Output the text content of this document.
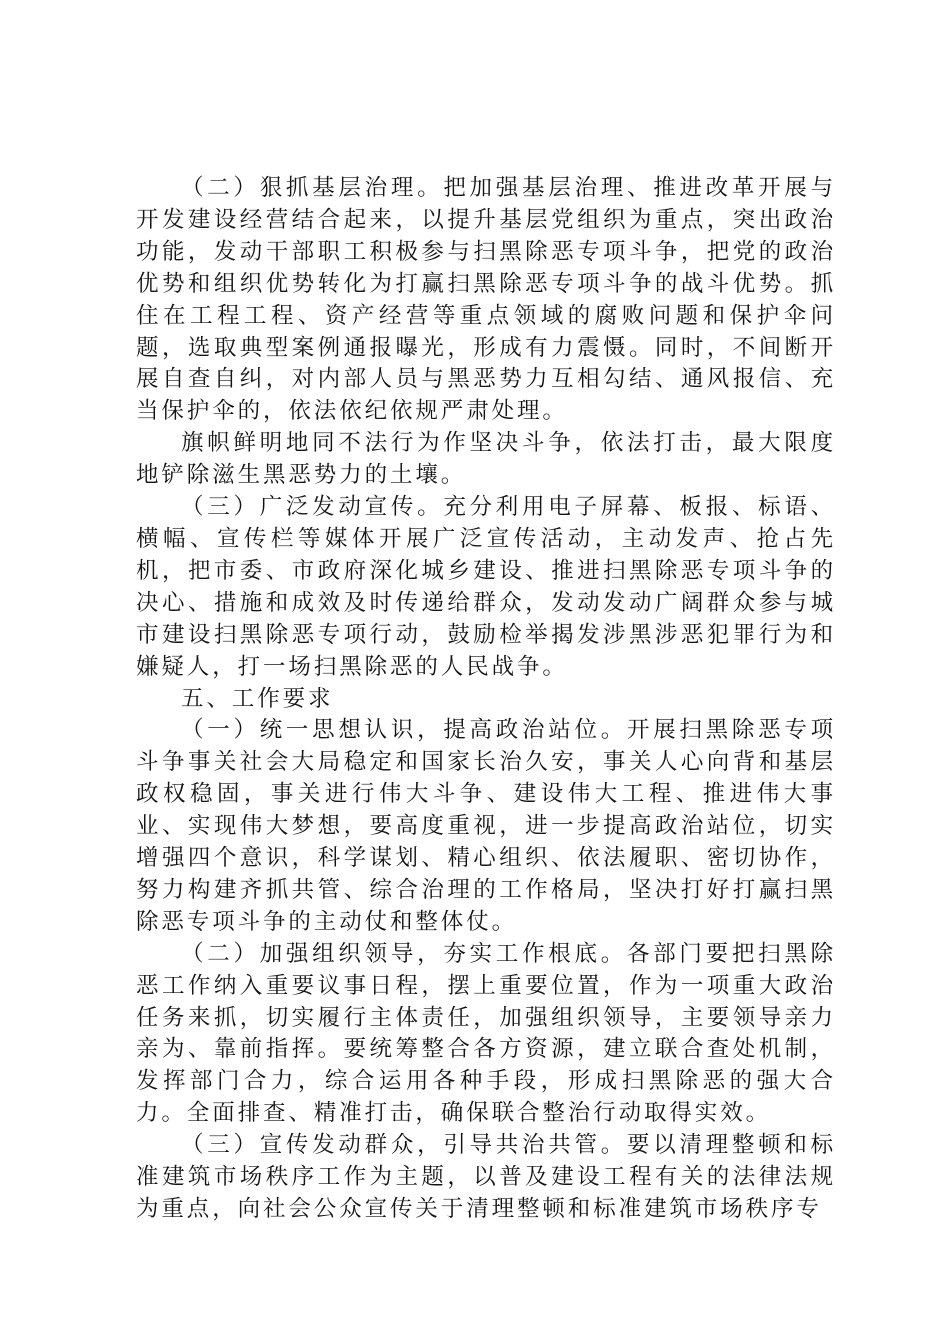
（二）狠抓基层治理。把加强基层治理、推进改革开展与开发建设经营结合起来，以提升基层党组织为重点，突出政治功能，发动干部职工积极参与扫黑除恶专项斗争，把党的政治优势和组织优势转化为打赢扫黑除恶专项斗争的战斗优势。抓住在工程工程、资产经营等重点领域的腐败问题和保护伞问题，选取典型案例通报曝光，形成有力震慑。同时，不间断开展自查自纠，对内部人员与黑恶势力互相勾结、通风报信、充当保护伞的，依法依纪依规严肃处理。

旗帜鲜明地同不法行为作坚决斗争，依法打击，最大限度地铲除滋生黑恶势力的土壤。

（三）广泛发动宣传。充分利用电子屏幕、板报、标语、横幅、宣传栏等媒体开展广泛宣传活动，主动发声、抢占先机，把市委、市政府深化城乡建设、推进扫黑除恶专项斗争的决心、措施和成效及时传递给群众，发动发动广阔群众参与城市建设扫黑除恶专项行动，鼓励检举揭发涉黑涉恶犯罪行为和嫌疑人，打一场扫黑除恶的人民战争。

五、工作要求

（一）统一思想认识，提高政治站位。开展扫黑除恶专项斗争事关社会大局稳定和国家长治久安，事关人心向背和基层政权稳固，事关进行伟大斗争、建设伟大工程、推进伟大事业、实现伟大梦想，要高度重视，进一步提高政治站位，切实增强四个意识，科学谋划、精心组织、依法履职、密切协作，努力构建齐抓共管、综合治理的工作格局，坚决打好打赢扫黑除恶专项斗争的主动仗和整体仗。

（二）加强组织领导，夯实工作根底。各部门要把扫黑除恶工作纳入重要议事日程，摆上重要位置，作为一项重大政治任务来抓，切实履行主体责任，加强组织领导，主要领导亲力亲为、靠前指挥。要统筹整合各方资源，建立联合查处机制，发挥部门合力，综合运用各种手段，形成扫黑除恶的强大合力。全面排查、精准打击，确保联合整治行动取得实效。

（三）宣传发动群众，引导共治共管。要以清理整顿和标准建筑市场秩序工作为主题，以普及建设工程有关的法律法规为重点，向社会公众宣传关于清理整顿和标准建筑市场秩序专
